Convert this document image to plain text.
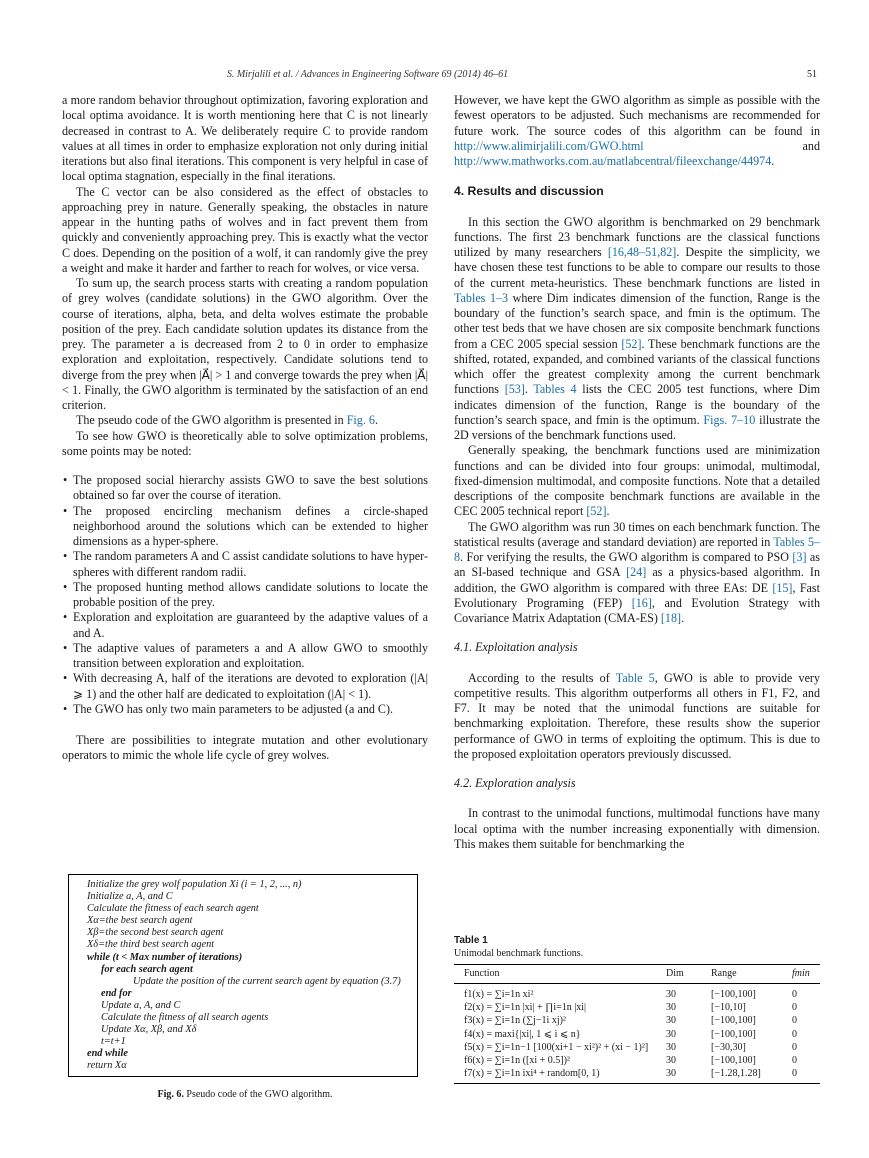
S. Mirjalili et al. / Advances in Engineering Software 69 (2014) 46–61	51

a more random behavior throughout optimization, favoring exploration and local optima avoidance. It is worth mentioning here that C is not linearly decreased in contrast to A. We deliberately require C to provide random values at all times in order to emphasize exploration not only during initial iterations but also final iterations. This component is very helpful in case of local optima stagnation, especially in the final iterations.

The C vector can be also considered as the effect of obstacles to approaching prey in nature. Generally speaking, the obstacles in nature appear in the hunting paths of wolves and in fact prevent them from quickly and conveniently approaching prey. This is exactly what the vector C does. Depending on the position of a wolf, it can randomly give the prey a weight and make it harder and farther to reach for wolves, or vice versa.

To sum up, the search process starts with creating a random population of grey wolves (candidate solutions) in the GWO algorithm. Over the course of iterations, alpha, beta, and delta wolves estimate the probable position of the prey. Each candidate solution updates its distance from the prey. The parameter a is decreased from 2 to 0 in order to emphasize exploration and exploitation, respectively. Candidate solutions tend to diverge from the prey when |A⃗| > 1 and converge towards the prey when |A⃗| < 1. Finally, the GWO algorithm is terminated by the satisfaction of an end criterion.

The pseudo code of the GWO algorithm is presented in Fig. 6.

To see how GWO is theoretically able to solve optimization problems, some points may be noted:

• The proposed social hierarchy assists GWO to save the best solutions obtained so far over the course of iteration.
• The proposed encircling mechanism defines a circle-shaped neighborhood around the solutions which can be extended to higher dimensions as a hyper-sphere.
• The random parameters A and C assist candidate solutions to have hyper-spheres with different random radii.
• The proposed hunting method allows candidate solutions to locate the probable position of the prey.
• Exploration and exploitation are guaranteed by the adaptive values of a and A.
• The adaptive values of parameters a and A allow GWO to smoothly transition between exploration and exploitation.
• With decreasing A, half of the iterations are devoted to exploration (|A| ⩾ 1) and the other half are dedicated to exploitation (|A| < 1).
• The GWO has only two main parameters to be adjusted (a and C).

There are possibilities to integrate mutation and other evolutionary operators to mimic the whole life cycle of grey wolves.

Initialize the grey wolf population Xi (i = 1, 2, ..., n)
Initialize a, A, and C
Calculate the fitness of each search agent
Xα=the best search agent
Xβ=the second best search agent
Xδ=the third best search agent
while (t < Max number of iterations)
for each search agent
Update the position of the current search agent by equation (3.7)
end for
Update a, A, and C
Calculate the fitness of all search agents
Update Xα, Xβ, and Xδ
t=t+1
end while
return Xα
Fig. 6. Pseudo code of the GWO algorithm.

However, we have kept the GWO algorithm as simple as possible with the fewest operators to be adjusted. Such mechanisms are recommended for future work. The source codes of this algorithm can be found in http://www.alimirjalili.com/GWO.html	and http://www.mathworks.com.au/matlabcentral/fileexchange/44974.

4. Results and discussion

In this section the GWO algorithm is benchmarked on 29 benchmark functions. The first 23 benchmark functions are the classical functions utilized by many researchers [16,48–51,82]. Despite the simplicity, we have chosen these test functions to be able to compare our results to those of the current meta-heuristics. These benchmark functions are listed in Tables 1–3 where Dim indicates dimension of the function, Range is the boundary of the function’s search space, and fmin is the optimum. The other test beds that we have chosen are six composite benchmark functions from a CEC 2005 special session [52]. These benchmark functions are the shifted, rotated, expanded, and combined variants of the classical functions which offer the greatest complexity among the current benchmark functions [53]. Tables 4 lists the CEC 2005 test functions, where Dim indicates dimension of the function, Range is the boundary of the function’s search space, and fmin is the optimum. Figs. 7–10 illustrate the 2D versions of the benchmark functions used.

Generally speaking, the benchmark functions used are minimization functions and can be divided into four groups: unimodal, multimodal, fixed-dimension multimodal, and composite functions. Note that a detailed descriptions of the composite benchmark functions are available in the CEC 2005 technical report [52].

The GWO algorithm was run 30 times on each benchmark function. The statistical results (average and standard deviation) are reported in Tables 5–8. For verifying the results, the GWO algorithm is compared to PSO [3] as an SI-based technique and GSA [24] as a physics-based algorithm. In addition, the GWO algorithm is compared with three EAs: DE [15], Fast Evolutionary Programing (FEP) [16], and Evolution Strategy with Covariance Matrix Adaptation (CMA-ES) [18].

4.1. Exploitation analysis

According to the results of Table 5, GWO is able to provide very competitive results. This algorithm outperforms all others in F1, F2, and F7. It may be noted that the unimodal functions are suitable for benchmarking exploitation. Therefore, these results show the superior performance of GWO in terms of exploiting the optimum. This is due to the proposed exploitation operators previously discussed.

4.2. Exploration analysis

In contrast to the unimodal functions, multimodal functions have many local optima with the number increasing exponentially with dimension. This makes them suitable for benchmarking the

Table 1
Unimodal benchmark functions.
Function	Dim	Range	fmin
f1(x) = ∑i=1n xi²	30	[−100,100]	0
f2(x) = ∑i=1n |xi| + ∏i=1n |xi|	30	[−10,10]	0
f3(x) = ∑i=1n (∑j−1i xj)²	30	[−100,100]	0
f4(x) = maxi{|xi|, 1 ⩽ i ⩽ n}	30	[−100,100]	0
f5(x) = ∑i=1n−1 [100(xi+1 − xi²)² + (xi − 1)²] 30	[−30,30]	0
f6(x) = ∑i=1n ([xi + 0.5])²	30	[−100,100]	0
f7(x) = ∑i=1n ixi⁴ + random[0, 1)	30	[−1.28,1.28]	0
